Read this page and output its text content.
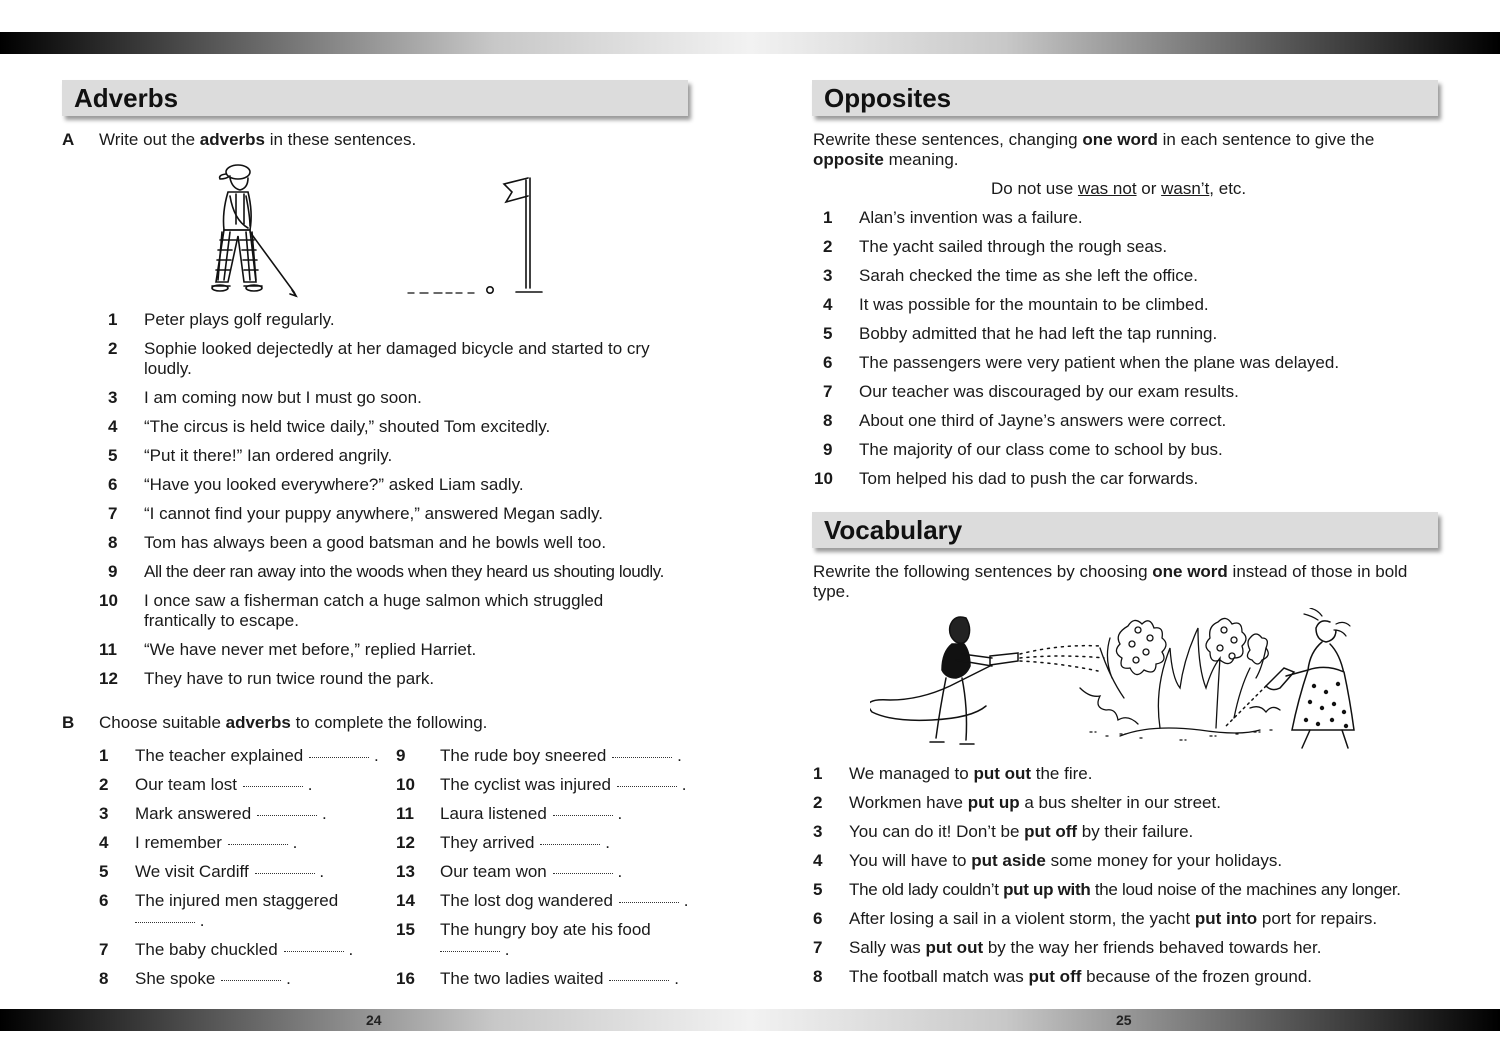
24	25
Adverbs
A Write out the adverbs in these sentences.
1 Peter plays golf regularly.
2 Sophie looked dejectedly at her damaged bicycle and started to cry loudly.
3 I am coming now but I must go soon.
4 “The circus is held twice daily,” shouted Tom excitedly.
5 “Put it there!” Ian ordered angrily.
6 “Have you looked everywhere?” asked Liam sadly.
7 “I cannot find your puppy anywhere,” answered Megan sadly.
8 Tom has always been a good batsman and he bowls well too.
9 All the deer ran away into the woods when they heard us shouting loudly.
10 I once saw a fisherman catch a huge salmon which struggled frantically to escape.
11 “We have never met before,” replied Harriet.
12 They have to run twice round the park.
B Choose suitable adverbs to complete the following.
1 The teacher explained	.
2 Our team lost	.
3 Mark answered	.
4 I remember	.
5 We visit Cardiff	.
6 The injured men staggered
.
7 The baby chuckled	.
8 She spoke	.
9 The rude boy sneered	.
10 The cyclist was injured	.
11 Laura listened	.
12 They arrived	.
13 Our team won	.
14 The lost dog wandered	.
15 The hungry boy ate his food
.
16 The two ladies waited	.
Opposites
Rewrite these sentences, changing one word in each sentence to give the
opposite meaning.
Do not use was not or wasn’t, etc.
1 Alan’s invention was a failure.
2 The yacht sailed through the rough seas.
3 Sarah checked the time as she left the office.
4 It was possible for the mountain to be climbed.
5 Bobby admitted that he had left the tap running.
6 The passengers were very patient when the plane was delayed.
7 Our teacher was discouraged by our exam results.
8 About one third of Jayne’s answers were correct.
9 The majority of our class come to school by bus.
10 Tom helped his dad to push the car forwards.
Vocabulary
Rewrite the following sentences by choosing one word instead of those in bold
type.
1 We managed to put out the fire.
2 Workmen have put up a bus shelter in our street.
3 You can do it! Don’t be put off by their failure.
4 You will have to put aside some money for your holidays.
5 The old lady couldn’t put up with the loud noise of the machines any longer.
6 After losing a sail in a violent storm, the yacht put into port for repairs.
7 Sally was put out by the way her friends behaved towards her.
8 The football match was put off because of the frozen ground.
